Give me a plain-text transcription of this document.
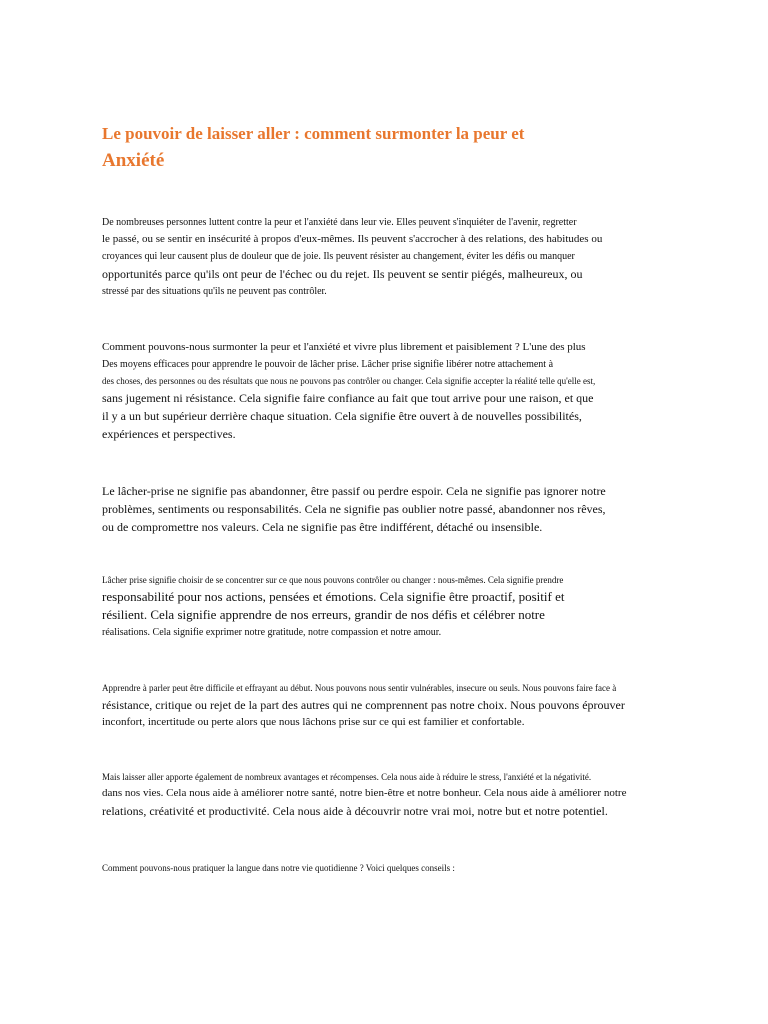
Le pouvoir de laisser aller : comment surmonter la peur et
Anxiété

De nombreuses personnes luttent contre la peur et l'anxiété dans leur vie. Elles peuvent s'inquiéter de l'avenir, regretter
le passé, ou se sentir en insécurité à propos d'eux-mêmes. Ils peuvent s'accrocher à des relations, des habitudes ou
croyances qui leur causent plus de douleur que de joie. Ils peuvent résister au changement, éviter les défis ou manquer
opportunités parce qu'ils ont peur de l'échec ou du rejet. Ils peuvent se sentir piégés, malheureux, ou
stressé par des situations qu'ils ne peuvent pas contrôler.

Comment pouvons-nous surmonter la peur et l'anxiété et vivre plus librement et paisiblement ? L'une des plus
Des moyens efficaces pour apprendre le pouvoir de lâcher prise. Lâcher prise signifie libérer notre attachement à
des choses, des personnes ou des résultats que nous ne pouvons pas contrôler ou changer. Cela signifie accepter la réalité telle qu'elle est,
sans jugement ni résistance. Cela signifie faire confiance au fait que tout arrive pour une raison, et que
il y a un but supérieur derrière chaque situation. Cela signifie être ouvert à de nouvelles possibilités,
expériences et perspectives.

Le lâcher-prise ne signifie pas abandonner, être passif ou perdre espoir. Cela ne signifie pas ignorer notre
problèmes, sentiments ou responsabilités. Cela ne signifie pas oublier notre passé, abandonner nos rêves,
ou de compromettre nos valeurs. Cela ne signifie pas être indifférent, détaché ou insensible.

Lâcher prise signifie choisir de se concentrer sur ce que nous pouvons contrôler ou changer : nous-mêmes. Cela signifie prendre
responsabilité pour nos actions, pensées et émotions. Cela signifie être proactif, positif et
résilient. Cela signifie apprendre de nos erreurs, grandir de nos défis et célébrer notre
réalisations. Cela signifie exprimer notre gratitude, notre compassion et notre amour.

Apprendre à parler peut être difficile et effrayant au début. Nous pouvons nous sentir vulnérables, insecure ou seuls. Nous pouvons faire face à
résistance, critique ou rejet de la part des autres qui ne comprennent pas notre choix. Nous pouvons éprouver
inconfort, incertitude ou perte alors que nous lâchons prise sur ce qui est familier et confortable.

Mais laisser aller apporte également de nombreux avantages et récompenses. Cela nous aide à réduire le stress, l'anxiété et la négativité.
dans nos vies. Cela nous aide à améliorer notre santé, notre bien-être et notre bonheur. Cela nous aide à améliorer notre
relations, créativité et productivité. Cela nous aide à découvrir notre vrai moi, notre but et notre potentiel.

Comment pouvons-nous pratiquer la langue dans notre vie quotidienne ? Voici quelques conseils :
